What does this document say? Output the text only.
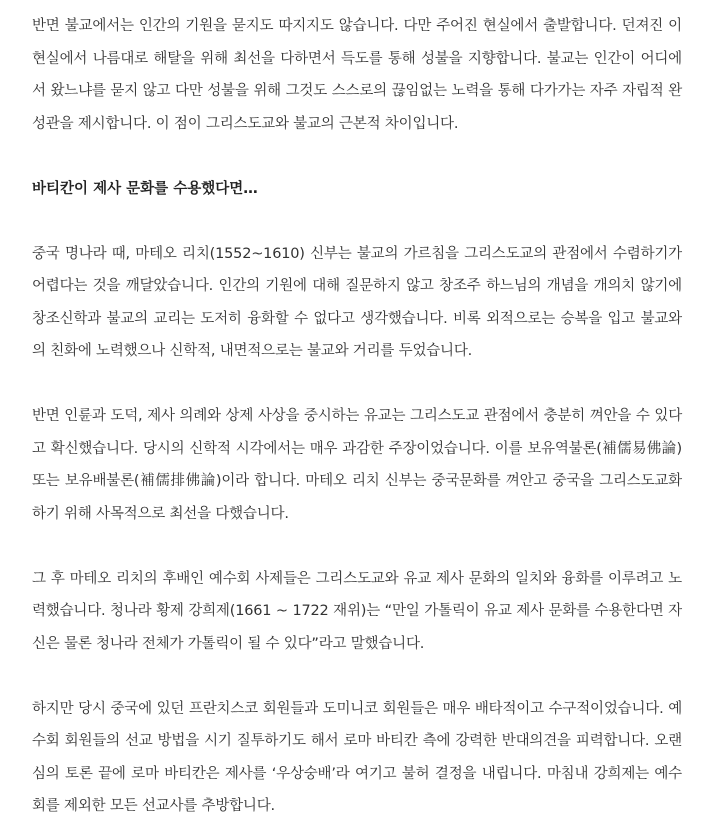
반면 불교에서는 인간의 기원을 묻지도 따지지도 않습니다. 다만 주어진 현실에서 출발합니다. 던져진 이 현실에서 나름대로 해탈을 위해 최선을 다하면서 득도를 통해 성불을 지향합니다. 불교는 인간이 어디에서 왔느냐를 묻지 않고 다만 성불을 위해 그것도 스스로의 끊임없는 노력을 통해 다가가는 자주 자립적 완성관을 제시합니다. 이 점이 그리스도교와 불교의 근본적 차이입니다.

바티칸이 제사 문화를 수용했다면…

중국 명나라 때, 마테오 리치(1552~1610) 신부는 불교의 가르침을 그리스도교의 관점에서 수렴하기가 어렵다는 것을 깨달았습니다. 인간의 기원에 대해 질문하지 않고 창조주 하느님의 개념을 개의치 않기에 창조신학과 불교의 교리는 도저히 융화할 수 없다고 생각했습니다. 비록 외적으로는 승복을 입고 불교와의 친화에 노력했으나 신학적, 내면적으로는 불교와 거리를 두었습니다.

반면 인륜과 도덕, 제사 의례와 상제 사상을 중시하는 유교는 그리스도교 관점에서 충분히 껴안을 수 있다고 확신했습니다. 당시의 신학적 시각에서는 매우 과감한 주장이었습니다. 이를 보유역불론(補儒易佛論) 또는 보유배불론(補儒排佛論)이라 합니다. 마테오 리치 신부는 중국문화를 껴안고 중국을 그리스도교화하기 위해 사목적으로 최선을 다했습니다.

그 후 마테오 리치의 후배인 예수회 사제들은 그리스도교와 유교 제사 문화의 일치와 융화를 이루려고 노력했습니다. 청나라 황제 강희제(1661 ~ 1722 재위)는 “만일 가톨릭이 유교 제사 문화를 수용한다면 자신은 물론 청나라 전체가 가톨릭이 될 수 있다”라고 말했습니다.

하지만 당시 중국에 있던 프란치스코 회원들과 도미니코 회원들은 매우 배타적이고 수구적이었습니다. 예수회 회원들의 선교 방법을 시기 질투하기도 해서 로마 바티칸 측에 강력한 반대의견을 피력합니다. 오랜 심의 토론 끝에 로마 바티칸은 제사를 ‘우상숭배’라 여기고 불허 결정을 내립니다. 마침내 강희제는 예수회를 제외한 모든 선교사를 추방합니다.
